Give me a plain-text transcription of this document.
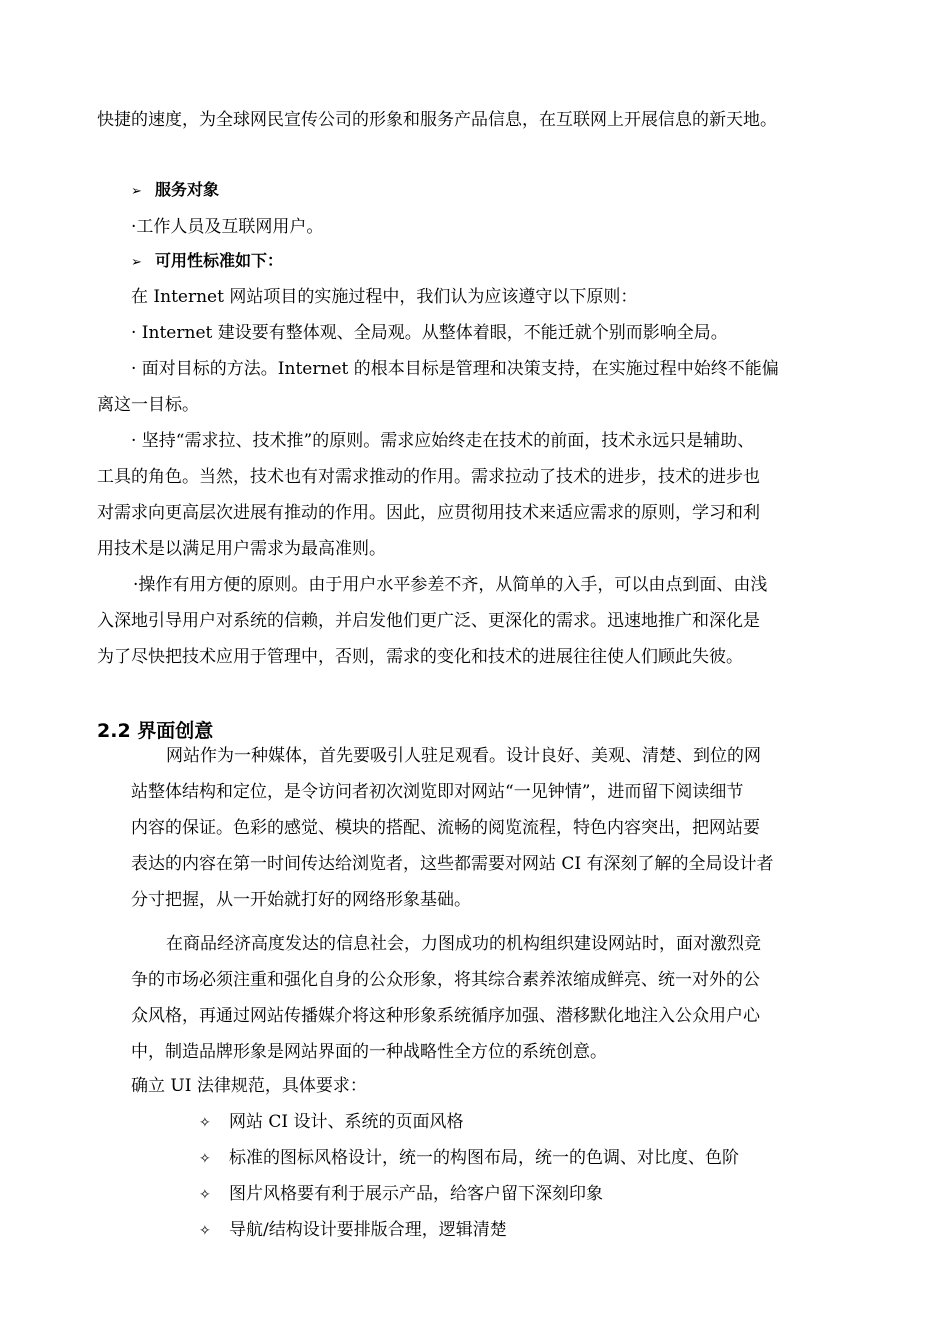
快捷的速度，为全球网民宣传公司的形象和服务产品信息，在互联网上开展信息的新天地。
➢ 服务对象
·工作人员及互联网用户。
➢ 可用性标准如下：
在 Internet 网站项目的实施过程中，我们认为应该遵守以下原则：
· Internet 建设要有整体观、全局观。从整体着眼，不能迁就个别而影响全局。
· 面对目标的方法。Internet 的根本目标是管理和决策支持，在实施过程中始终不能偏
离这一目标。
· 坚持“需求拉、技术推”的原则。需求应始终走在技术的前面，技术永远只是辅助、
工具的角色。当然，技术也有对需求推动的作用。需求拉动了技术的进步，技术的进步也
对需求向更高层次进展有推动的作用。因此，应贯彻用技术来适应需求的原则，学习和利
用技术是以满足用户需求为最高准则。
·操作有用方便的原则。由于用户水平参差不齐，从简单的入手，可以由点到面、由浅
入深地引导用户对系统的信赖，并启发他们更广泛、更深化的需求。迅速地推广和深化是
为了尽快把技术应用于管理中，否则，需求的变化和技术的进展往往使人们顾此失彼。
2.2 界面创意
网站作为一种媒体，首先要吸引人驻足观看。设计良好、美观、清楚、到位的网
站整体结构和定位，是令访问者初次浏览即对网站“一见钟情”，进而留下阅读细节
内容的保证。色彩的感觉、模块的搭配、流畅的阅览流程，特色内容突出，把网站要
表达的内容在第一时间传达给浏览者，这些都需要对网站 CI 有深刻了解的全局设计者
分寸把握，从一开始就打好的网络形象基础。
在商品经济高度发达的信息社会，力图成功的机构组织建设网站时，面对激烈竞
争的市场必须注重和强化自身的公众形象，将其综合素养浓缩成鲜亮、统一对外的公
众风格，再通过网站传播媒介将这种形象系统循序加强、潜移默化地注入公众用户心
中，制造品牌形象是网站界面的一种战略性全方位的系统创意。
确立 UI 法律规范，具体要求：
✧ 网站 CI 设计、系统的页面风格
✧ 标准的图标风格设计，统一的构图布局，统一的色调、对比度、色阶
✧ 图片风格要有利于展示产品，给客户留下深刻印象
✧ 导航/结构设计要排版合理，逻辑清楚
